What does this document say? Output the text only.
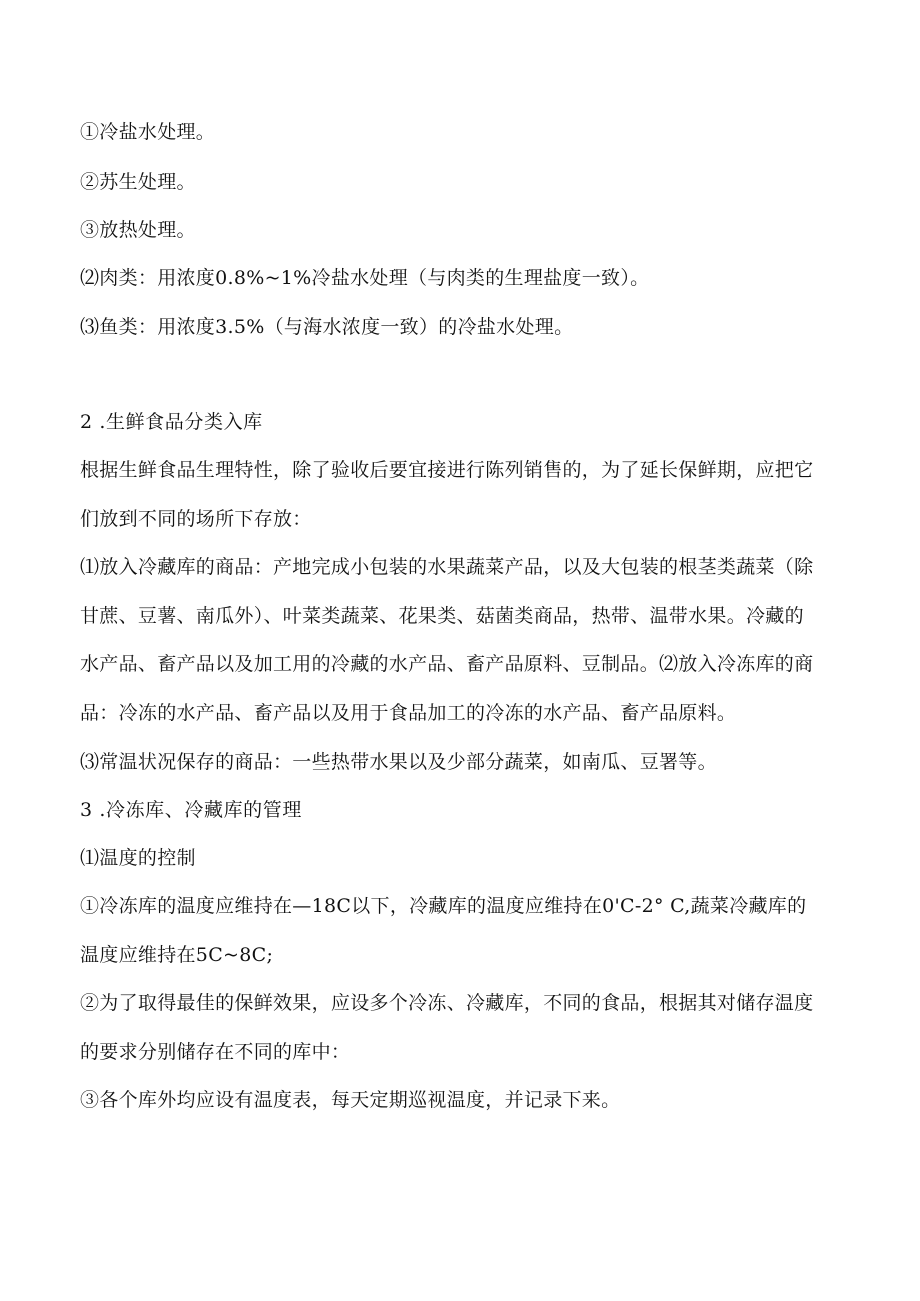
①冷盐水处理。

②苏生处理。

③放热处理。

⑵肉类：用浓度0.8%~1%冷盐水处理（与肉类的生理盐度一致）。

⑶鱼类：用浓度3.5%（与海水浓度一致）的冷盐水处理。

2 .生鲜食品分类入库

根据生鲜食品生理特性，除了验收后要宜接进行陈列销售的，为了延长保鲜期，应把它

们放到不同的场所下存放：

⑴放入冷藏库的商品：产地完成小包装的水果蔬菜产品，以及大包装的根茎类蔬菜（除

甘蔗、豆薯、南瓜外）、叶菜类蔬菜、花果类、菇菌类商品，热带、温带水果。冷藏的

水产品、畜产品以及加工用的冷藏的水产品、畜产品原料、豆制品。⑵放入冷冻库的商

品：冷冻的水产品、畜产品以及用于食品加工的冷冻的水产品、畜产品原料。

⑶常温状况保存的商品：一些热带水果以及少部分蔬菜，如南瓜、豆署等。

3 .冷冻库、冷藏库的管理

⑴温度的控制

①冷冻库的温度应维持在—18C以下，冷藏库的温度应维持在0'C-2° C,蔬菜冷藏库的

温度应维持在5C~8C;

②为了取得最佳的保鲜效果，应设多个冷冻、冷藏库，不同的食品，根据其对储存温度

的要求分别储存在不同的库中：

③各个库外均应设有温度表，每天定期巡视温度，并记录下来。
